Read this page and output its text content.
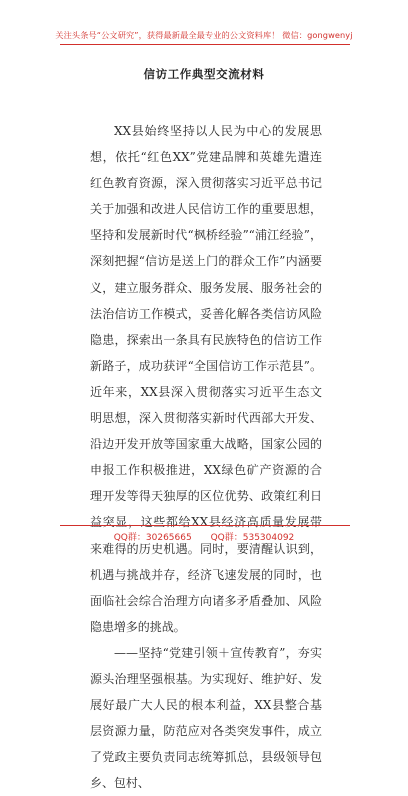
关注头条号“公文研究”，获得最新最全最专业的公文资料库！ 微信：gongwenyj
信访工作典型交流材料

XX县始终坚持以人民为中心的发展思想，依托“红色XX”党建品牌和英雄先遣连红色教育资源，深入贯彻落实习近平总书记关于加强和改进人民信访工作的重要思想，坚持和发展新时代“枫桥经验”“浦江经验”，深刻把握“信访是送上门的群众工作”内涵要义，建立服务群众、服务发展、服务社会的法治信访工作模式，妥善化解各类信访风险隐患，探索出一条具有民族特色的信访工作新路子，成功获评“全国信访工作示范县”。近年来，XX县深入贯彻落实习近平生态文明思想，深入贯彻落实新时代西部大开发、沿边开发开放等国家重大战略，国家公园的申报工作积极推进，XX绿色矿产资源的合理开发等得天独厚的区位优势、政策红利日益突显，这些都给XX县经济高质量发展带来难得的历史机遇。同时，要清醒认识到，机遇与挑战并存，经济飞速发展的同时，也面临社会综合治理方向诸多矛盾叠加、风险隐患增多的挑战。

——坚持“党建引领＋宣传教育”，夯实源头治理坚强根基。为实现好、维护好、发展好最广大人民的根本利益，XX县整合基层资源力量，防范应对各类突发事件，成立了党政主要负责同志统筹抓总，县级领导包乡、包村、

QQ群：30265665 QQ群：535304092
